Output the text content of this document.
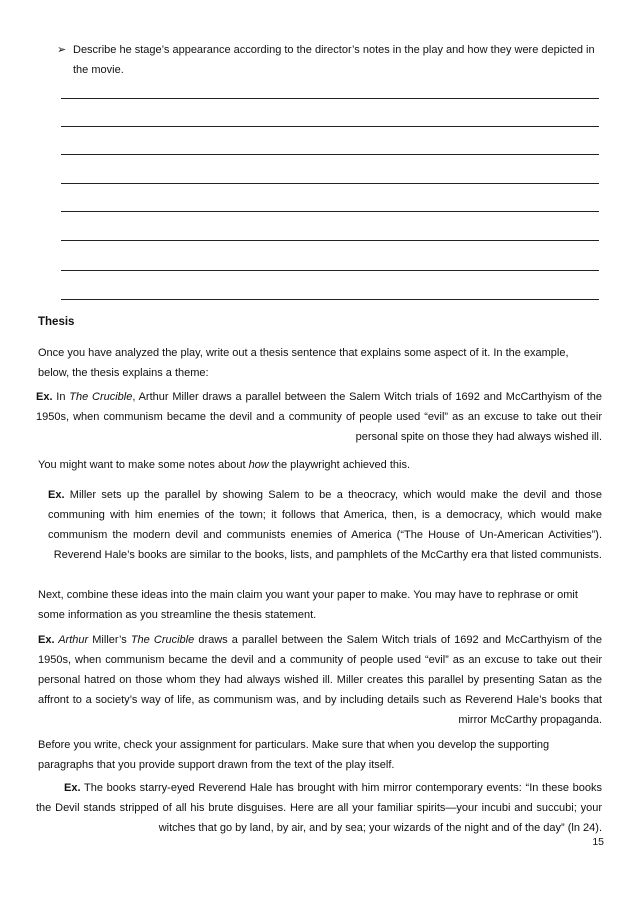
➢ Describe he stage’s appearance according to the director’s notes in the play and how they were depicted in the movie.
Thesis
Once you have analyzed the play, write out a thesis sentence that explains some aspect of it. In the example, below, the thesis explains a theme:
Ex. In The Crucible, Arthur Miller draws a parallel between the Salem Witch trials of 1692 and McCarthyism of the 1950s, when communism became the devil and a community of people used “evil” as an excuse to take out their personal spite on those they had always wished ill.
You might want to make some notes about how the playwright achieved this.
Ex. Miller sets up the parallel by showing Salem to be a theocracy, which would make the devil and those communing with him enemies of the town; it follows that America, then, is a democracy, which would make communism the modern devil and communists enemies of America (“The House of Un-American Activities”). Reverend Hale’s books are similar to the books, lists, and pamphlets of the McCarthy era that listed communists.
Next, combine these ideas into the main claim you want your paper to make. You may have to rephrase or omit some information as you streamline the thesis statement.
Ex. Arthur Miller’s The Crucible draws a parallel between the Salem Witch trials of 1692 and McCarthyism of the 1950s, when communism became the devil and a community of people used “evil” as an excuse to take out their personal hatred on those whom they had always wished ill. Miller creates this parallel by presenting Satan as the affront to a society’s way of life, as communism was, and by including details such as Reverend Hale’s books that mirror McCarthy propaganda.
Before you write, check your assignment for particulars. Make sure that when you develop the supporting paragraphs that you provide support drawn from the text of the play itself.
Ex. The books starry-eyed Reverend Hale has brought with him mirror contemporary events: “In these books the Devil stands stripped of all his brute disguises. Here are all your familiar spirits—your incubi and succubi; your witches that go by land, by air, and by sea; your wizards of the night and of the day” (ln 24).
15
